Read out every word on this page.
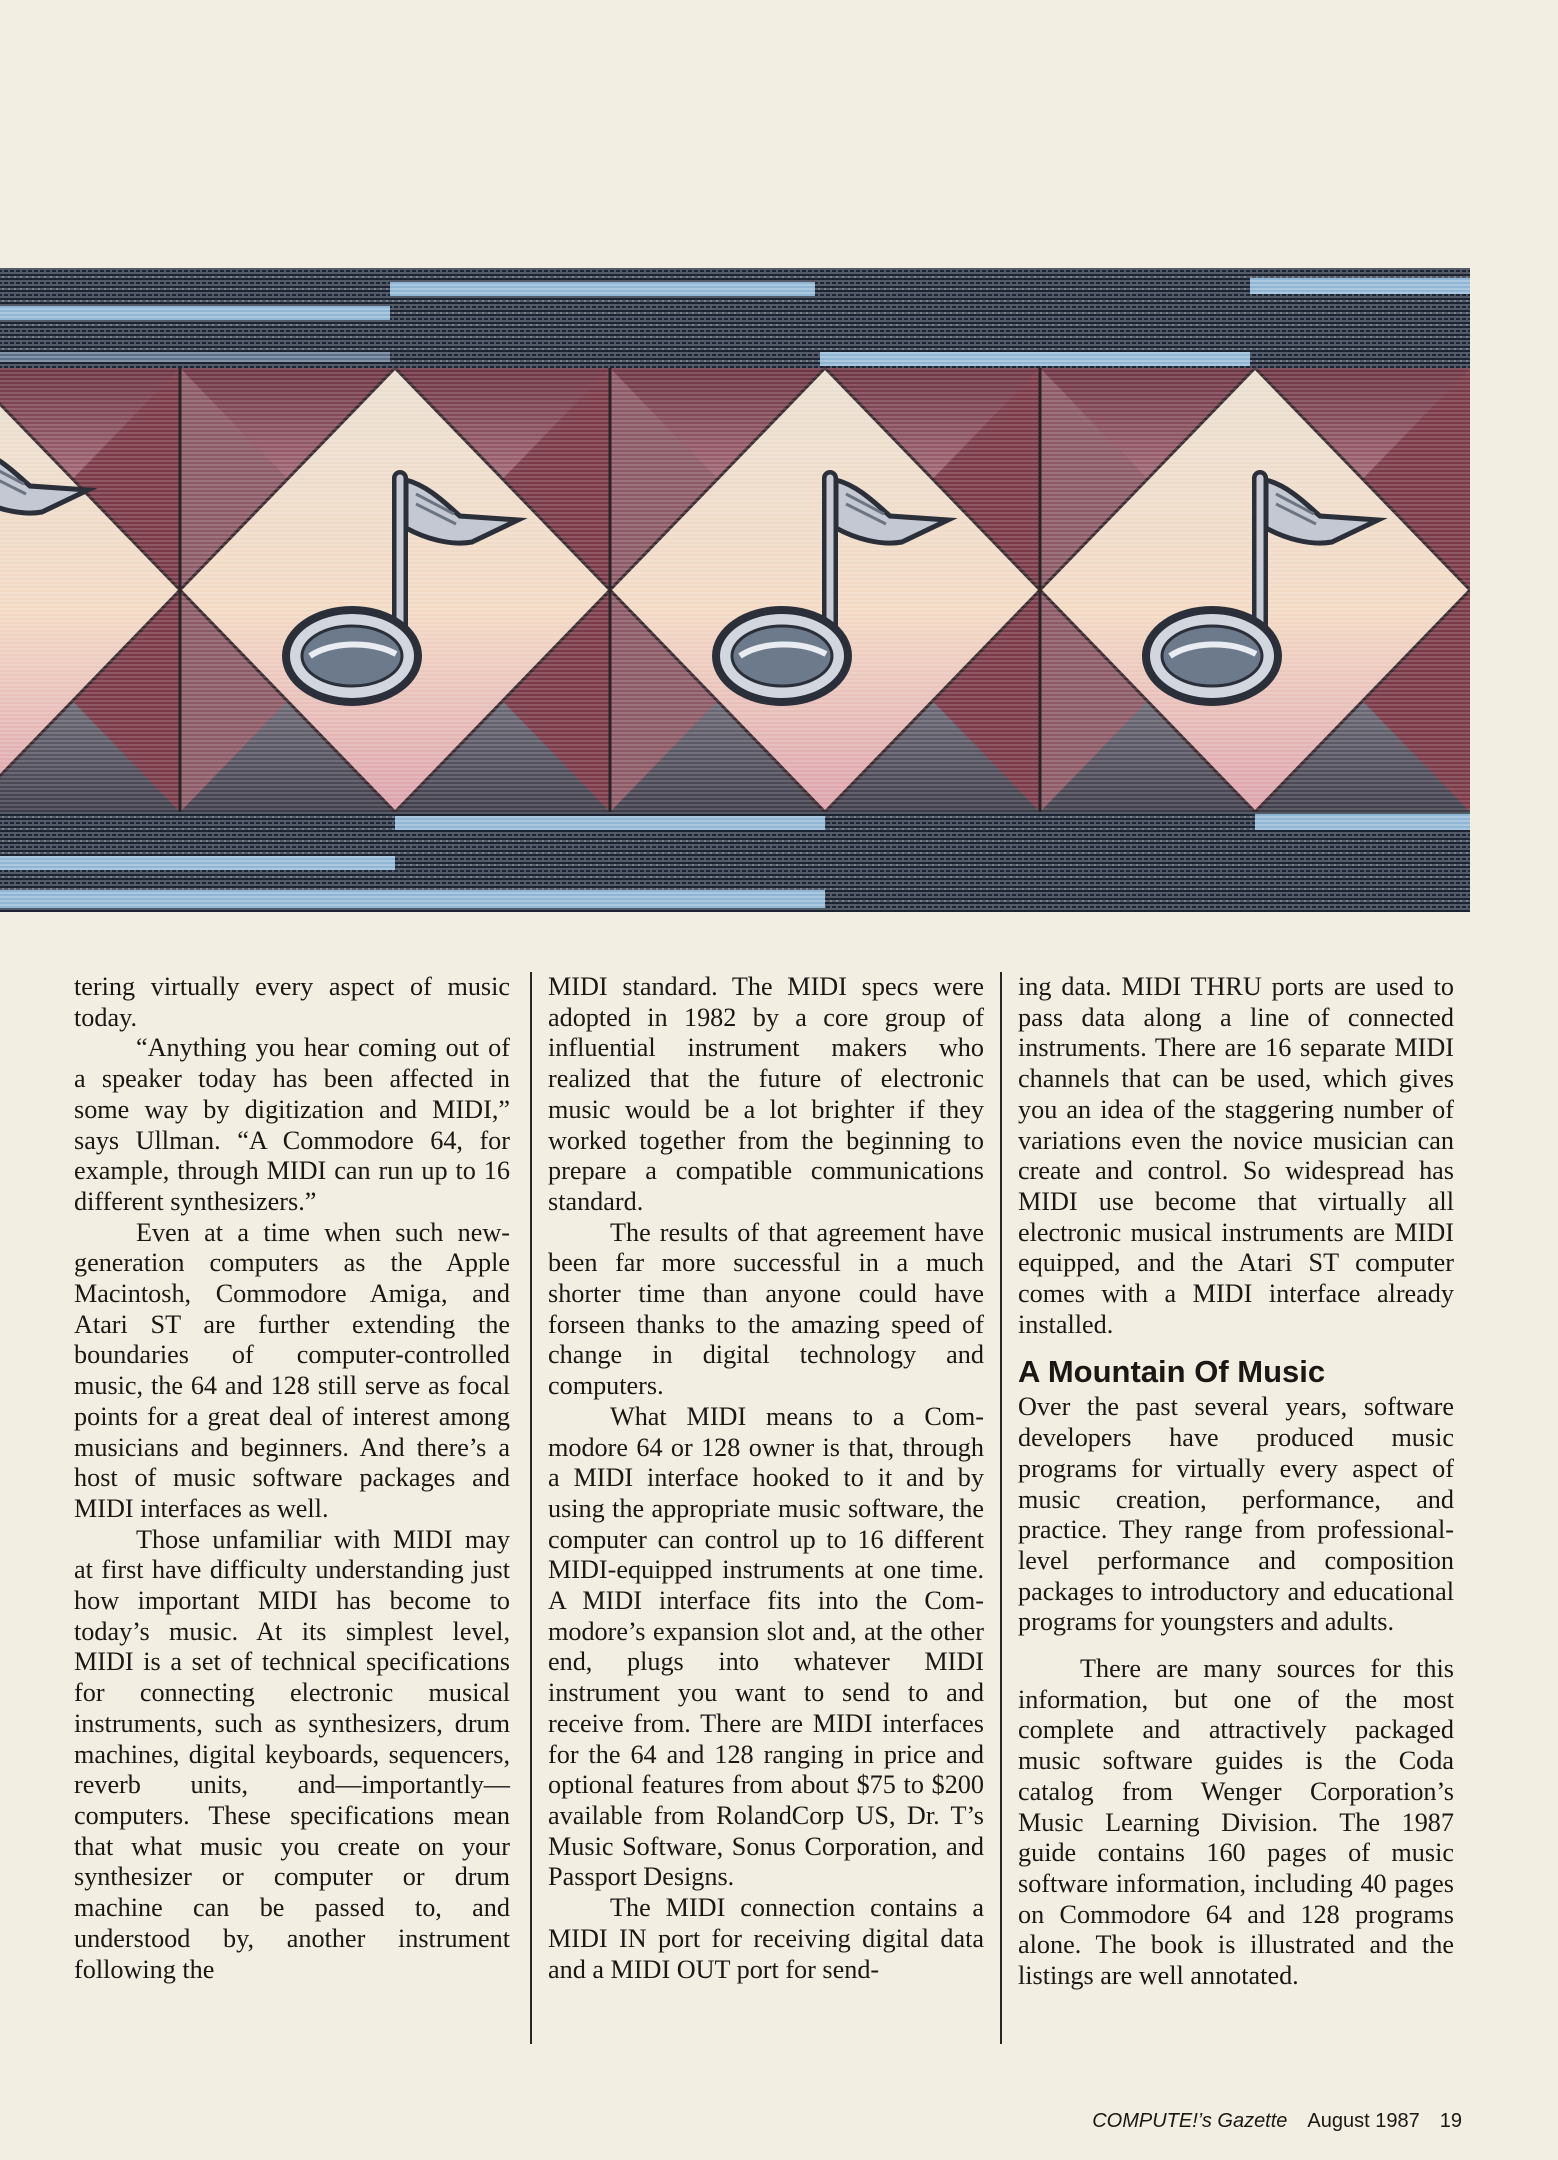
tering virtually every aspect of music today.

“Anything you hear coming out of a speaker today has been affected in some way by digitization and MIDI,” says Ullman. “A Commodore 64, for example, through MIDI can run up to 16 different synthesizers.”

Even at a time when such new-generation computers as the Apple Macintosh, Commodore Amiga, and Atari ST are further extending the boundaries of computer-controlled music, the 64 and 128 still serve as focal points for a great deal of interest among musicians and beginners. And there’s a host of music software packages and MIDI interfaces as well.

Those unfamiliar with MIDI may at first have difficulty understanding just how important MIDI has become to today’s music. At its simplest level, MIDI is a set of technical specifications for connecting electronic musical instruments, such as synthesizers, drum machines, digital keyboards, sequencers, reverb units, and—importantly—computers. These specifications mean that what music you create on your synthesizer or computer or drum machine can be passed to, and understood by, another instrument following the

MIDI standard. The MIDI specs were adopted in 1982 by a core group of influential instrument makers who realized that the future of electronic music would be a lot brighter if they worked together from the beginning to prepare a compatible communications standard.

The results of that agreement have been far more successful in a much shorter time than anyone could have forseen thanks to the amazing speed of change in digital technology and computers.

What MIDI means to a Commodore 64 or 128 owner is that, through a MIDI interface hooked to it and by using the appropriate music software, the computer can control up to 16 different MIDI-equipped instruments at one time. A MIDI interface fits into the Commodore’s expansion slot and, at the other end, plugs into whatever MIDI instrument you want to send to and receive from. There are MIDI interfaces for the 64 and 128 ranging in price and optional features from about $75 to $200 available from RolandCorp US, Dr. T’s Music Software, Sonus Corporation, and Passport Designs.

The MIDI connection contains a MIDI IN port for receiving digital data and a MIDI OUT port for send-

ing data. MIDI THRU ports are used to pass data along a line of connected instruments. There are 16 separate MIDI channels that can be used, which gives you an idea of the staggering number of variations even the novice musician can create and control. So widespread has MIDI use become that virtually all electronic musical instruments are MIDI equipped, and the Atari ST computer comes with a MIDI interface already installed.

A Mountain Of Music

Over the past several years, software developers have produced music programs for virtually every aspect of music creation, performance, and practice. They range from professional-level performance and composition packages to introductory and educational programs for youngsters and adults.

There are many sources for this information, but one of the most complete and attractively packaged music software guides is the Coda catalog from Wenger Corporation’s Music Learning Division. The 1987 guide contains 160 pages of music software information, including 40 pages on Commodore 64 and 128 programs alone. The book is illustrated and the listings are well annotated.

COMPUTE!’s Gazette August 1987 19
